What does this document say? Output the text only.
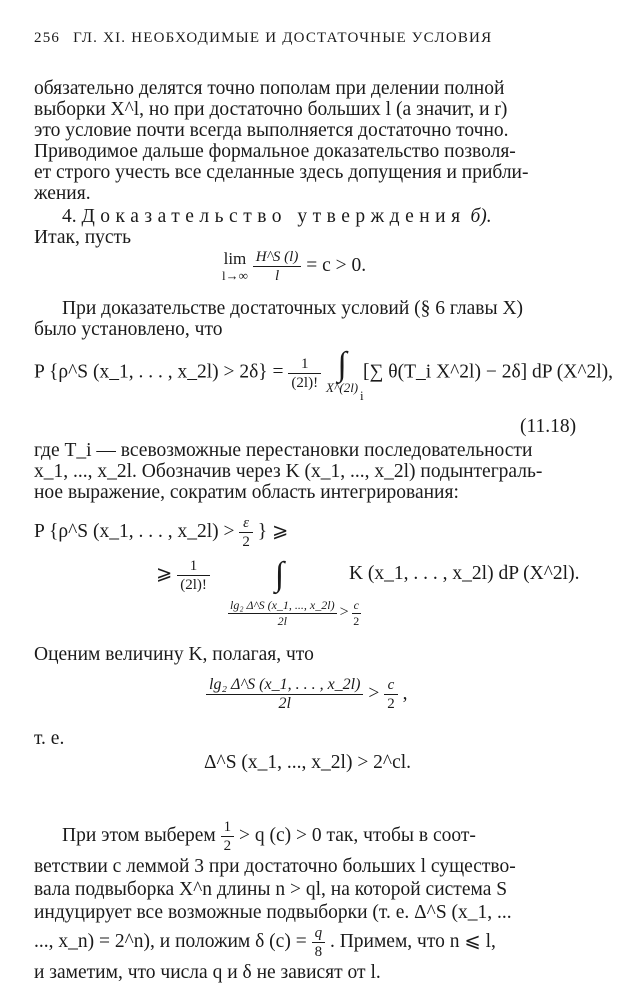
256 ГЛ. XI. НЕОБХОДИМЫЕ И ДОСТАТОЧНЫЕ УСЛОВИЯ
обязательно делятся точно пополам при делении полной
выборки X^l, но при достаточно больших l (а значит, и r)
это условие почти всегда выполняется достаточно точно.
Приводимое дальше формальное доказательство позволя-
ет строго учесть все сделанные здесь допущения и прибли-
жения.
4. Доказательство утверждения б).
Итак, пусть
lim
l→∞
$\frac{H\^{}S (l)}{l} = c > 0$.
При доказательстве достаточных условий (§ 6 главы X)
было установлено, что
P {ρ^S (x_1, . . . , x_2l) > $2\delta\} = \frac{1}{(2l)!}$
∫
X^(2l)
[∑ θ(T_i X^2l) − 2δ] dP (X^2l),
i
(11.18)
где T_i — всевозможные перестановки последовательности
x_1, ..., x_2l. Обозначив через K (x_1, ..., x_2l) подынтеграль-
ное выражение, сократим область интегрирования:
P {ρ^S (x_1, . . . , x_2l) > $\frac{\varepsilon}{2}$ } ⩾
⩾ $\frac{1}{(2l)!}$ ∫	K (x_1, . . . , x_2l) dP (X^2l).
$\frac{\text{lg₂ Δ\textasciicircum{}S (x\_1, ..., x\_2l)}}{2l} > \frac{c}{2}$
Оценим величину K, полагая, что
$\frac{\text{lg₂ Δ\textasciicircum{}S (x\_1, . . . , x\_2l)}}{2l} > \frac{c}{2}$ ,
т. е.
Δ^S (x_1, ..., x_2l) > 2^cl.
При этом выберем $\frac{1}{2} > q$ (c) > 0 так, чтобы в соот-
ветствии с леммой 3 при достаточно больших l существо-
вала подвыборка X^n длины n > ql, на которой система S
индуцирует все возможные подвыборки (т. е. Δ^S (x_1, ...
..., x_n) = 2^n), и положим δ $(c) = \frac{q}{8}$ . Примем, что n ⩽ l,
и заметим, что числа q и δ не зависят от l.
